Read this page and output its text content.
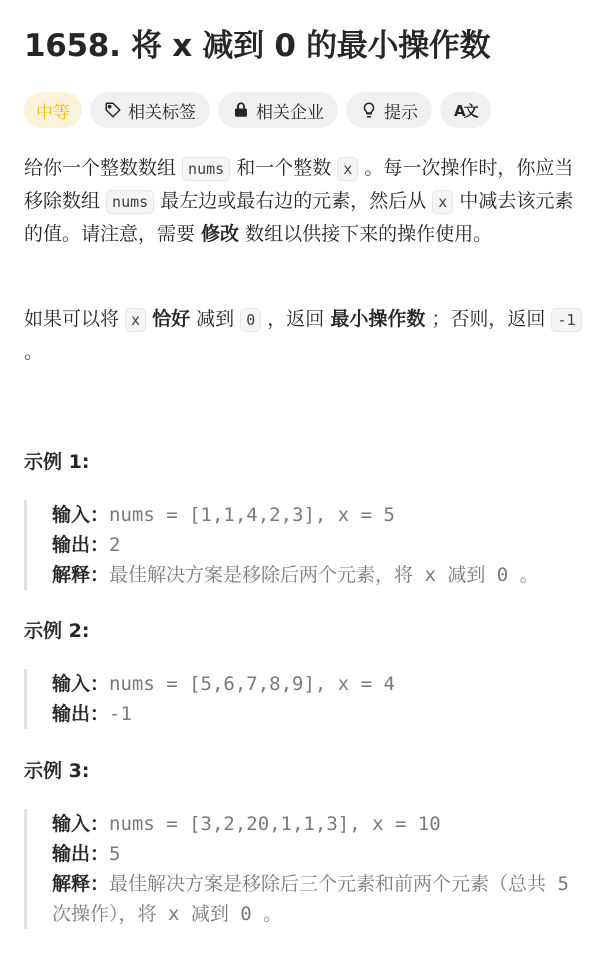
1658. 将 x 减到 0 的最小操作数
中等	相关标签	相关企业	提示 A文
给你一个整数数组 nums 和一个整数 x 。每一次操作时，你应当移除数组 nums 最左边或最右边的元素，然后从 x 中减去该元素的值。请注意，需要 修改 数组以供接下来的操作使用。
如果可以将 x 恰好 减到 0 ，返回 最小操作数 ；否则，返回 -1 。
示例 1:
输入：nums = [1,1,4,2,3], x = 5
输出：2
解释：最佳解决方案是移除后两个元素，将 x 减到 0 。
示例 2:
输入：nums = [5,6,7,8,9], x = 4
输出：-1
示例 3:
输入：nums = [3,2,20,1,1,3], x = 10
输出：5
解释：最佳解决方案是移除后三个元素和前两个元素（总共 5 次操作），将 x 减到 0 。
